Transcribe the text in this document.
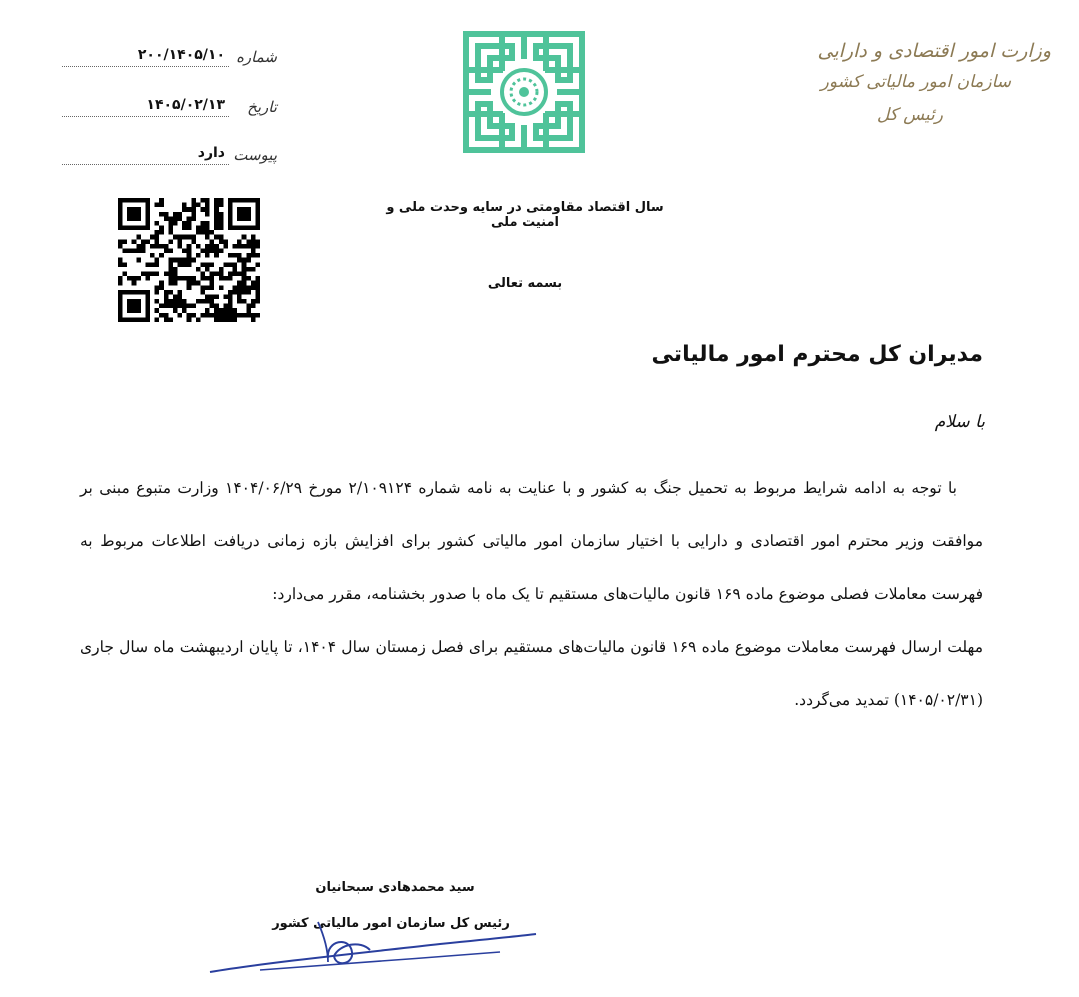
وزارت امور اقتصادی و دارایی
سازمان امور مالیاتی کشور
رئیس کل
شماره
۲۰۰/۱۴۰۵/۱۰
تاریخ
۱۴۰۵/۰۲/۱۳
پیوست
دارد
سال اقتصاد مقاومتی در سایه وحدت ملی و امنیت ملی
بسمه تعالی
مدیران کل محترم امور مالیاتی
با سلام

با توجه به ادامه شرایط مربوط به تحمیل جنگ به کشور و با عنایت به نامه شماره ۲/۱۰۹۱۲۴ مورخ ۱۴۰۴/۰۶/۲۹ وزارت متبوع مبنی بر موافقت وزیر محترم امور اقتصادی و دارایی با اختیار سازمان امور مالیاتی کشور برای افزایش بازه زمانی دریافت اطلاعات مربوط به فهرست معاملات فصلی موضوع ماده ۱۶۹ قانون مالیات‌های مستقیم تا یک ماه با صدور بخشنامه، مقرر می‌دارد:

مهلت ارسال فهرست معاملات موضوع ماده ۱۶۹ قانون مالیات‌های مستقیم برای فصل زمستان سال ۱۴۰۴، تا پایان اردیبهشت ماه سال جاری (۱۴۰۵/۰۲/۳۱) تمدید می‌گردد.

سید محمدهادی سبحانیان
رئیس کل سازمان امور مالیاتی کشور
